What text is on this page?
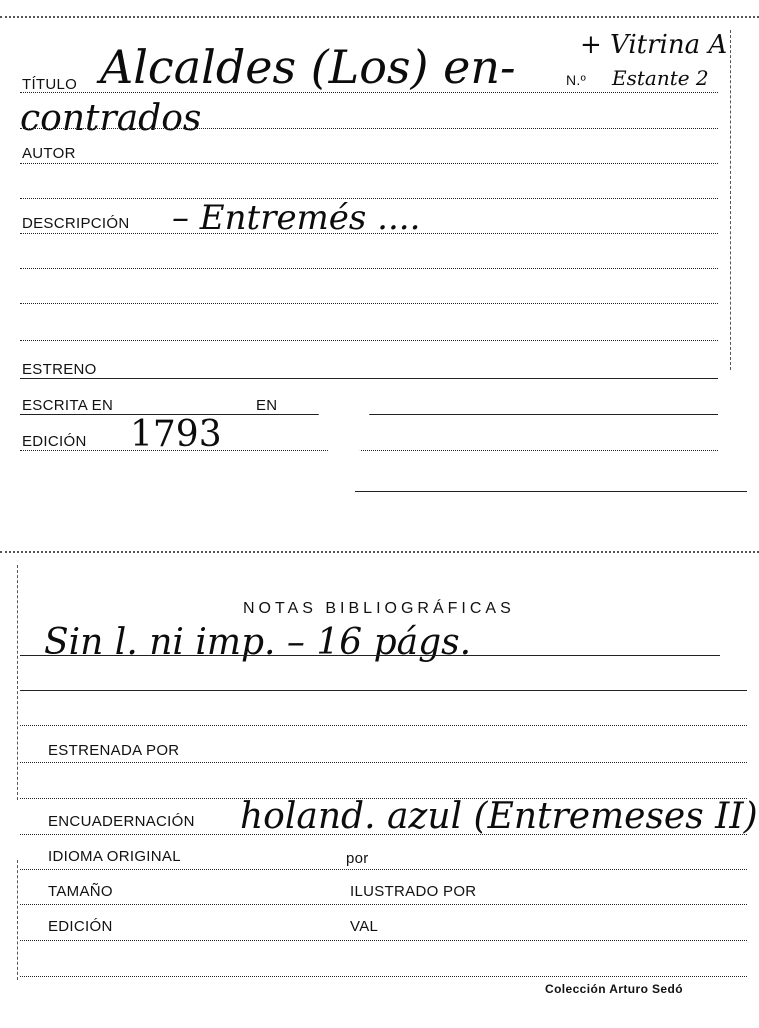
TÍTULO Alcaldes (Los) en-	N.º
+ Vitrina A
Estante 2
contrados
AUTOR
DESCRIPCIÓN – Entremés ....
ESTRENO
ESCRITA EN	EN
EDICIÓN 1793
NOTAS BIBLIOGRÁFICAS
Sin l. ni imp. – 16 págs.
ESTRENADA POR
ENCUADERNACIÓN holand. azul (Entremeses II)
IDIOMA ORIGINAL	por
TAMAÑO	ILUSTRADO POR
EDICIÓN	VAL
Colección Arturo Sedó
